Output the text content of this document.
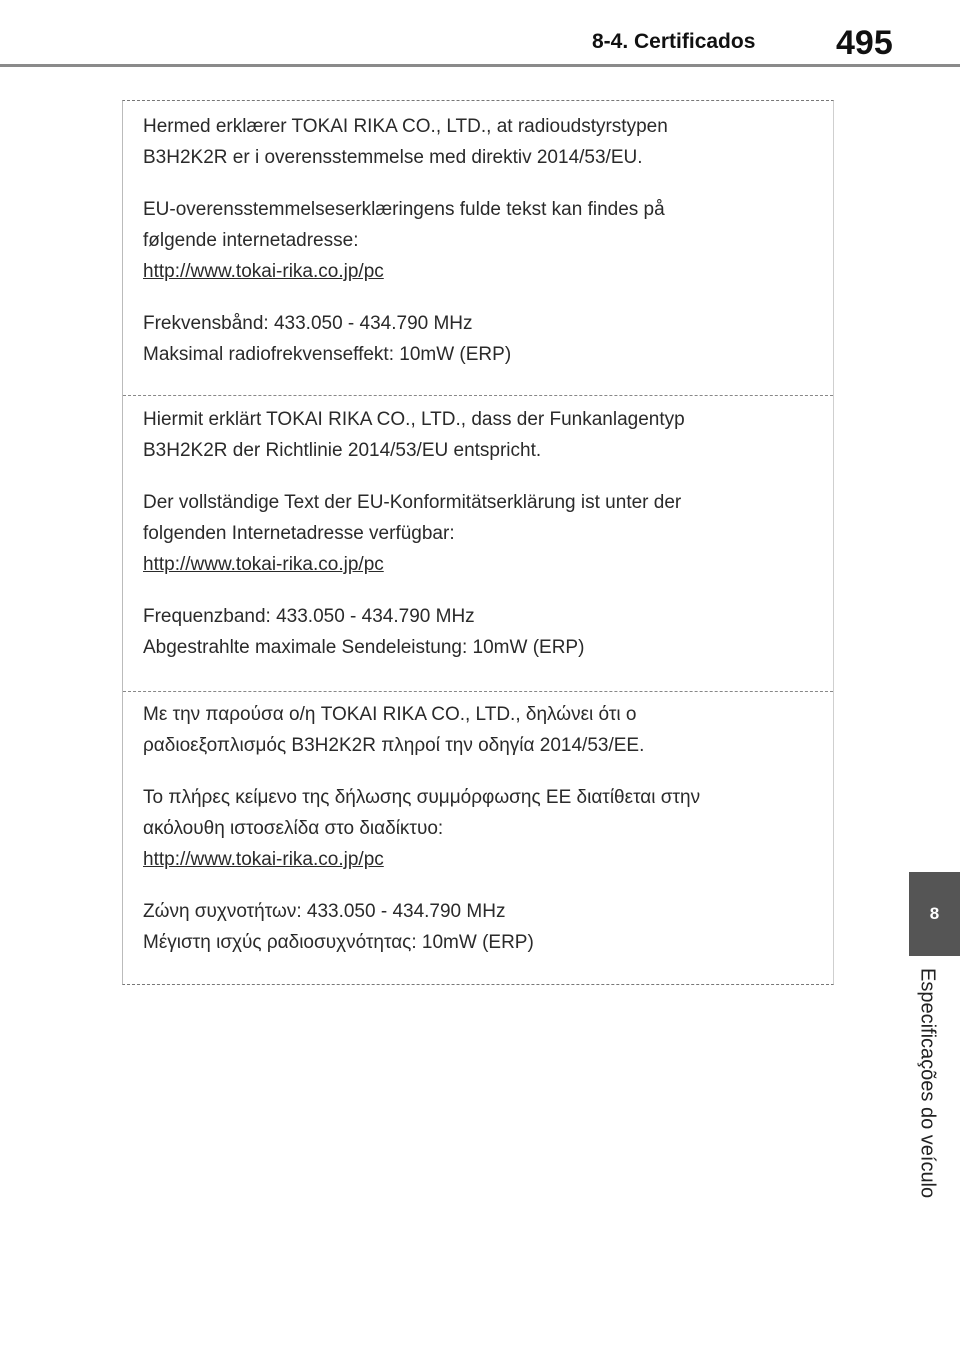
8-4. Certificados 495

Hermed erklærer TOKAI RIKA CO., LTD., at radioudstyrstypen

B3H2K2R er i overensstemmelse med direktiv 2014/53/EU.

EU-overensstemmelseserklæringens fulde tekst kan findes på

følgende internetadresse:

http://www.tokai-rika.co.jp/pc

Frekvensbånd: 433.050 - 434.790 MHz

Maksimal radiofrekvenseffekt: 10mW (ERP)

Hiermit erklärt TOKAI RIKA CO., LTD., dass der Funkanlagentyp

B3H2K2R der Richtlinie 2014/53/EU entspricht.

Der vollständige Text der EU-Konformitätserklärung ist unter der

folgenden Internetadresse verfügbar:

http://www.tokai-rika.co.jp/pc

Frequenzband: 433.050 - 434.790 MHz

Abgestrahlte maximale Sendeleistung: 10mW (ERP)

Με την παρούσα ο/η TOKAI RIKA CO., LTD., δηλώνει ότι ο

ραδιοεξοπλισμός B3H2K2R πληροί την οδηγία 2014/53/ΕΕ.

Το πλήρες κείμενο της δήλωσης συμμόρφωσης ΕΕ διατίθεται στην

ακόλουθη ιστοσελίδα στο διαδίκτυο:

http://www.tokai-rika.co.jp/pc

Ζώνη συχνοτήτων: 433.050 - 434.790 MHz

Μέγιστη ισχύς ραδιοσυχνότητας: 10mW (ERP)

8
Especificações do veículo
